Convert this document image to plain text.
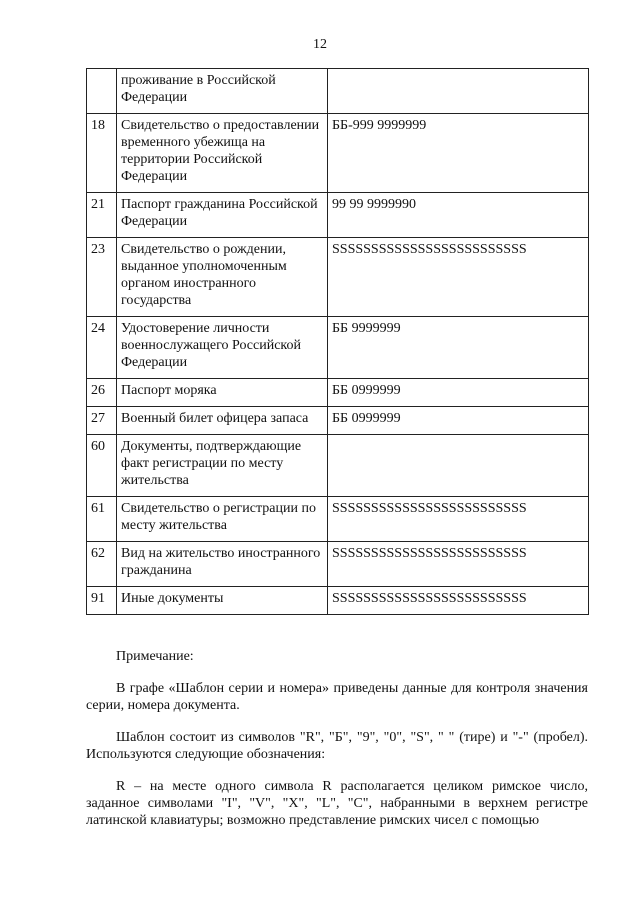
12
	проживание в Российской Федерации	
18	Свидетельство о предоставлении временного убежища на территории Российской Федерации	ББ-999 9999999
21	Паспорт гражданина Российской Федерации	99 99 9999990
23	Свидетельство о рождении, выданное уполномоченным органом иностранного государства	SSSSSSSSSSSSSSSSSSSSSSSSS
24	Удостоверение личности военнослужащего Российской Федерации	ББ 9999999
26	Паспорт моряка	ББ 0999999
27	Военный билет офицера запаса	ББ 0999999
60	Документы, подтверждающие факт регистрации по месту жительства	
61	Свидетельство о регистрации по месту жительства	SSSSSSSSSSSSSSSSSSSSSSSSS
62	Вид на жительство иностранного гражданина	SSSSSSSSSSSSSSSSSSSSSSSSS
91	Иные документы	SSSSSSSSSSSSSSSSSSSSSSSSS

Примечание:

В графе «Шаблон серии и номера» приведены данные для контроля значения серии, номера документа.

Шаблон состоит из символов "R", "Б", "9", "0", "S", " " (тире) и "-" (пробел). Используются следующие обозначения:

R – на месте одного символа R располагается целиком римское число, заданное символами "I", "V", "X", "L", "C", набранными в верхнем регистре латинской клавиатуры; возможно представление римских чисел с помощью
